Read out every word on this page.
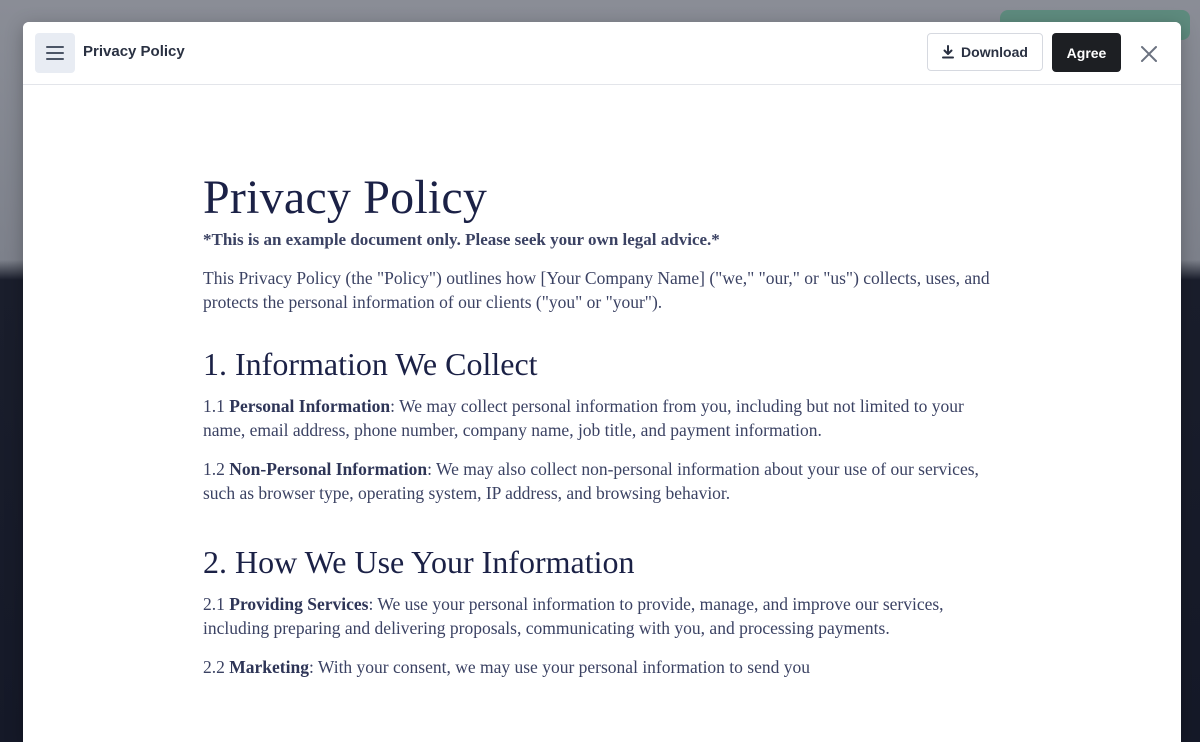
Privacy Policy	Download	Agree
Privacy Policy

*This is an example document only. Please seek your own legal advice.*

This Privacy Policy (the "Policy") outlines how [Your Company Name] ("we," "our," or "us") collects, uses, and protects the personal information of our clients ("you" or "your").

1. Information We Collect

1.1 Personal Information: We may collect personal information from you, including but not limited to your name, email address, phone number, company name, job title, and payment information.

1.2 Non-Personal Information: We may also collect non-personal information about your use of our services, such as browser type, operating system, IP address, and browsing behavior.

2. How We Use Your Information

2.1 Providing Services: We use your personal information to provide, manage, and improve our services, including preparing and delivering proposals, communicating with you, and processing payments.

2.2 Marketing: With your consent, we may use your personal information to send you
